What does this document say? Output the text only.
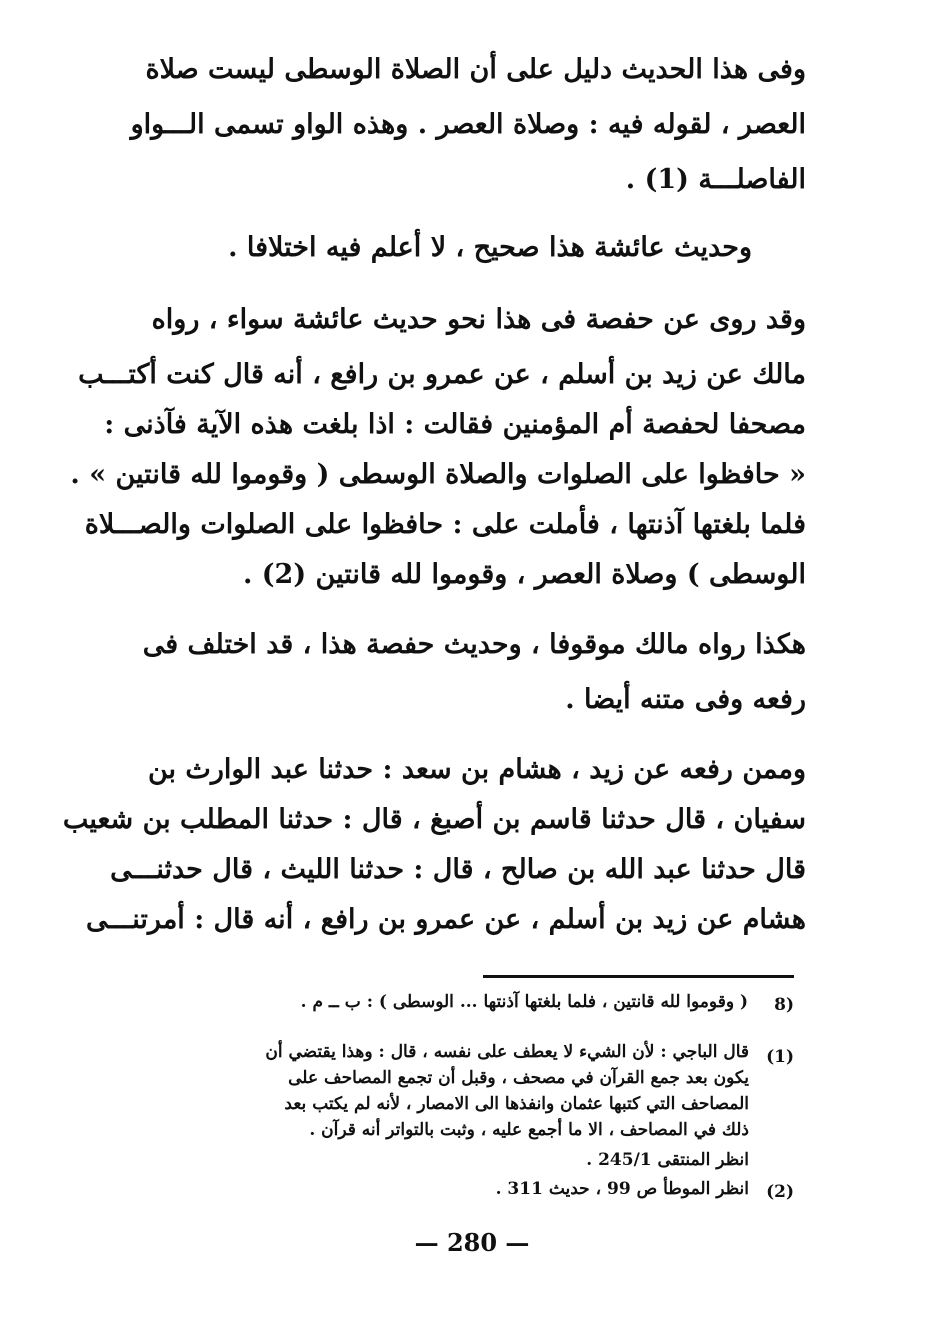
وفى هذا الحديث دليل على أن الصلاة الوسطى ليست صلاة
العصر ، لقوله فيه : وصلاة العصر . وهذه الواو تسمى الـــواو
الفاصلـــة (1) .
وحديث عائشة هذا صحيح ، لا أعلم فيه اختلافا .
وقد روى عن حفصة فى هذا نحو حديث عائشة سواء ، رواه
مالك عن زيد بن أسلم ، عن عمرو بن رافع ، أنه قال كنت أكتـــب
مصحفا لحفصة أم المؤمنين فقالت : اذا بلغت هذه الآية فآذنى :
« حافظوا على الصلوات والصلاة الوسطى ( وقوموا لله قانتين » .
فلما بلغتها آذنتها ، فأملت على : حافظوا على الصلوات والصـــلاة
الوسطى ) وصلاة العصر ، وقوموا لله قانتين (2) .
هكذا رواه مالك موقوفا ، وحديث حفصة هذا ، قد اختلف فى
رفعه وفى متنه أيضا .
وممن رفعه عن زيد ، هشام بن سعد : حدثنا عبد الوارث بن
سفيان ، قال حدثنا قاسم بن أصبغ ، قال : حدثنا المطلب بن شعيب
قال حدثنا عبد الله بن صالح ، قال : حدثنا الليث ، قال حدثنـــى
هشام عن زيد بن أسلم ، عن عمرو بن رافع ، أنه قال : أمرتنـــى
8)
( وقوموا لله قانتين ، فلما بلغتها آذنتها ... الوسطى ) : ب ــ م .
(1)
قال الباجي : لأن الشيء لا يعطف على نفسه ، قال : وهذا يقتضي أن
يكون بعد جمع القرآن في مصحف ، وقبل أن تجمع المصاحف على
المصاحف التي كتبها عثمان وانفذها الى الامصار ، لأنه لم يكتب بعد
ذلك في المصاحف ، الا ما أجمع عليه ، وثبت بالتواتر أنه قرآن .
انظر المنتقى 245/1 .
(2)
انظر الموطأ ص 99 ، حديث 311 .
— 280 —
